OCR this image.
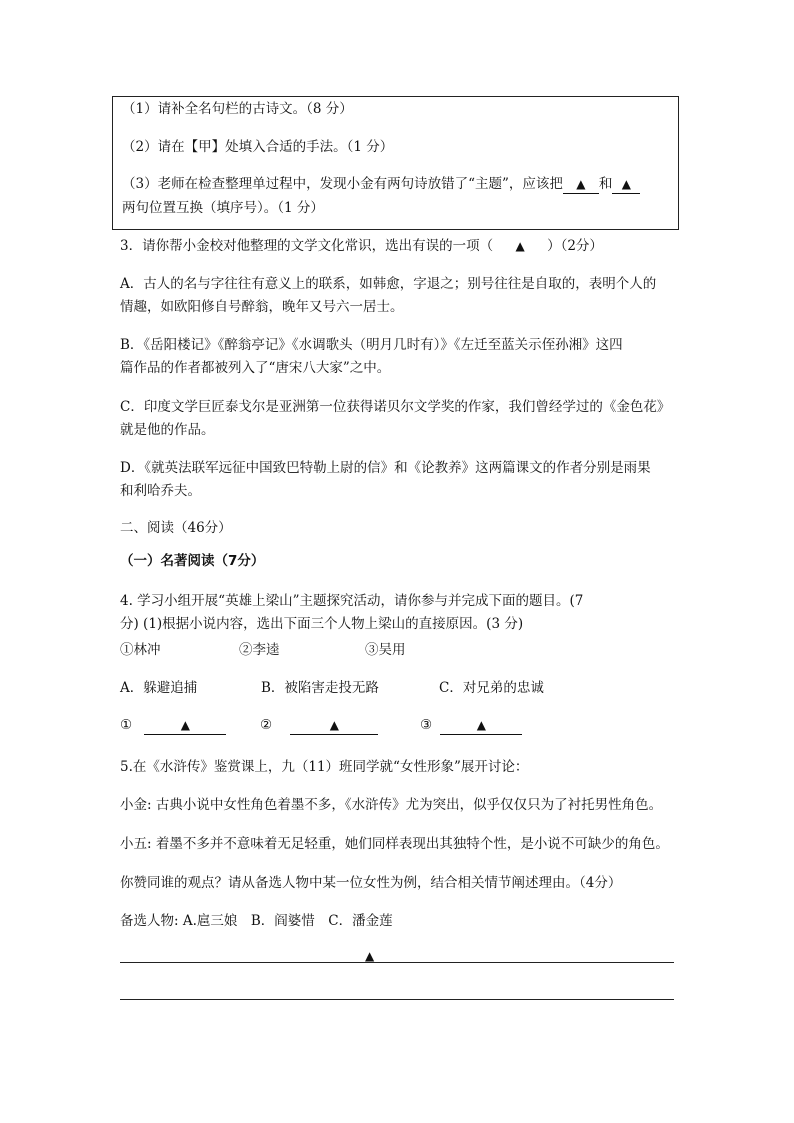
（1）请补全名句栏的古诗文。（8 分）
（2）请在【甲】处填入合适的手法。（1 分）
（3）老师在检查整理单过程中，发现小金有两句诗放错了“主题”，应该把 ▲ 和 ▲
两句位置互换（填序号）。（1 分）
3．请你帮小金校对他整理的文学文化常识，选出有误的一项（ ▲ ）（2分）
A．古人的名与字往往有意义上的联系，如韩愈，字退之；别号往往是自取的，表明个人的
情趣，如欧阳修自号醉翁，晚年又号六一居士。
B．《岳阳楼记》《醉翁亭记》《水调歌头（明月几时有）》《左迁至蓝关示侄孙湘》这四
篇作品的作者都被列入了“唐宋八大家”之中。
C．印度文学巨匠泰戈尔是亚洲第一位获得诺贝尔文学奖的作家，我们曾经学过的《金色花》
就是他的作品。
D．《就英法联军远征中国致巴特勒上尉的信》和《论教养》这两篇课文的作者分别是雨果
和利哈乔夫。
二、阅读（46分）
（一）名著阅读（7分）
4. 学习小组开展“英雄上梁山”主题探究活动，请你参与并完成下面的题目。(7
分) (1)根据小说内容，选出下面三个人物上梁山的直接原因。(3 分)
①林冲	②李逵	③吴用
A．躲避追捕	B．被陷害走投无路	C．对兄弟的忠诚
①	▲	②	▲	③	▲
5.在《水浒传》鉴赏课上，九（11）班同学就“女性形象”展开讨论：
小金: 古典小说中女性角色着墨不多，《水浒传》尤为突出，似乎仅仅只为了衬托男性角色。
小五: 着墨不多并不意味着无足轻重，她们同样表现出其独特个性，是小说不可缺少的角色。
你赞同谁的观点？请从备选人物中某一位女性为例，结合相关情节阐述理由。（4分）
备选人物: A.扈三娘　B．阎婆惜　C．潘金莲
▲
